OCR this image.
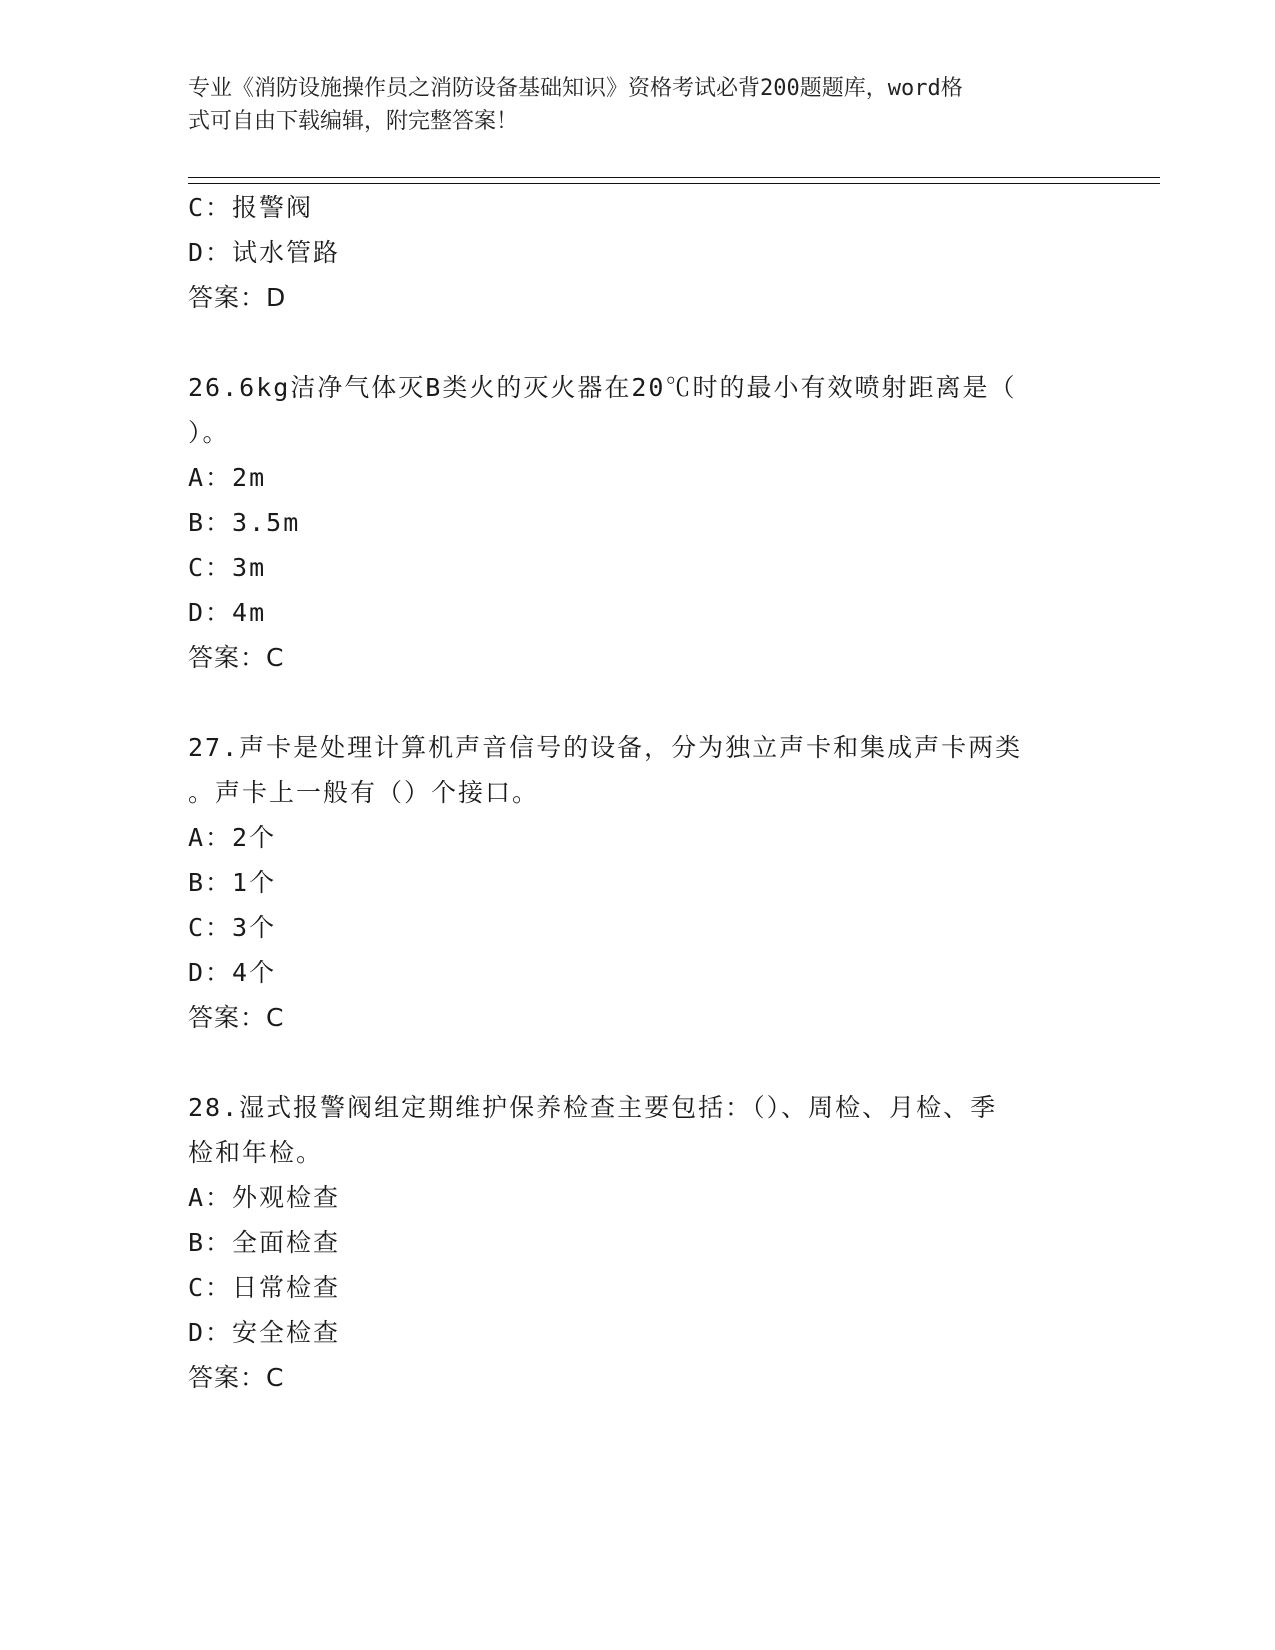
专业《消防设施操作员之消防设备基础知识》资格考试必背200题题库，word格
式可自由下载编辑，附完整答案！
C：报警阀
D：试水管路
答案：D
26.6kg洁净气体灭B类火的灭火器在20℃时的最小有效喷射距离是（
）。
A：2m
B：3.5m
C：3m
D：4m
答案：C
27.声卡是处理计算机声音信号的设备，分为独立声卡和集成声卡两类
。声卡上一般有（）个接口。
A：2个
B：1个
C：3个
D：4个
答案：C
28.湿式报警阀组定期维护保养检查主要包括：（）、周检、月检、季
检和年检。
A：外观检查
B：全面检查
C：日常检查
D：安全检查
答案：C
